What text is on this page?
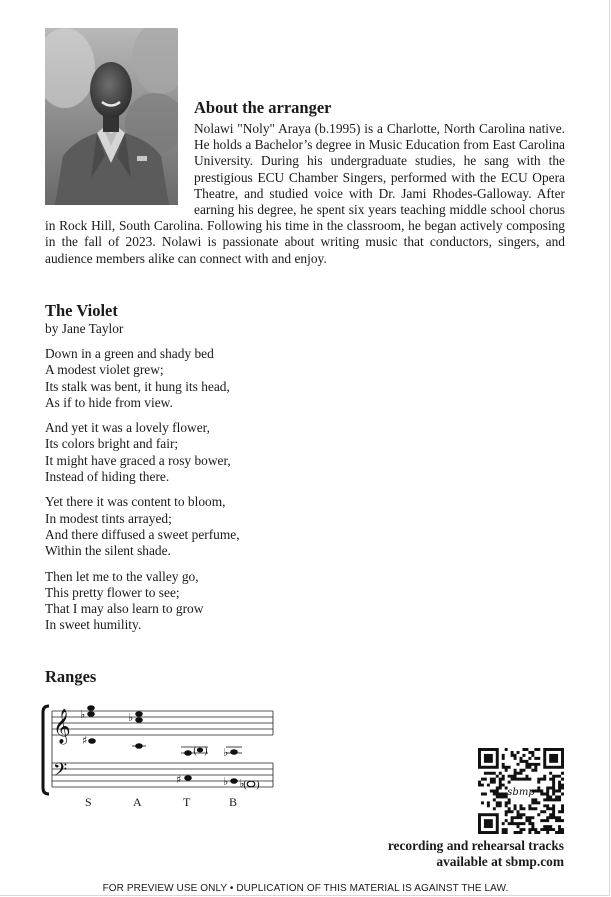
About the arranger

Nolawi "Noly" Araya (b.1995) is a Charlotte, North Carolina native. He holds a Bachelor’s degree in Music Education from East Carolina University. During his undergraduate studies, he sang with the prestigious ECU Chamber Singers, performed with the ECU Opera Theatre, and studied voice with Dr. Jami Rhodes-Galloway. After earning his degree, he spent six years teaching middle school chorus in Rock Hill, South Carolina. Following his time in the classroom, he began actively composing in the fall of 2023. Nolawi is passionate about writing music that conductors, singers, and audience members alike can connect with and enjoy.

The Violet
by Jane Taylor
Down in a green and shady bed
A modest violet grew;
Its stalk was bent, it hung its head,
As if to hide from view.
And yet it was a lovely flower,
Its colors bright and fair;
It might have graced a rosy bower,
Instead of hiding there.
Yet there it was content to bloom,
In modest tints arrayed;
And there diffused a sweet perfume,
Within the silent shade.
Then let me to the valley go,
This pretty flower to see;
That I may also learn to grow
In sweet humility.
Ranges
𝄞
𝄢
♭
♯
♭
( ) ♭
♯	♭ ♭
( )
S	A	T	B
sbmp
recording and rehearsal tracks
available at sbmp.com
FOR PREVIEW USE ONLY • DUPLICATION OF THIS MATERIAL IS AGAINST THE LAW.
